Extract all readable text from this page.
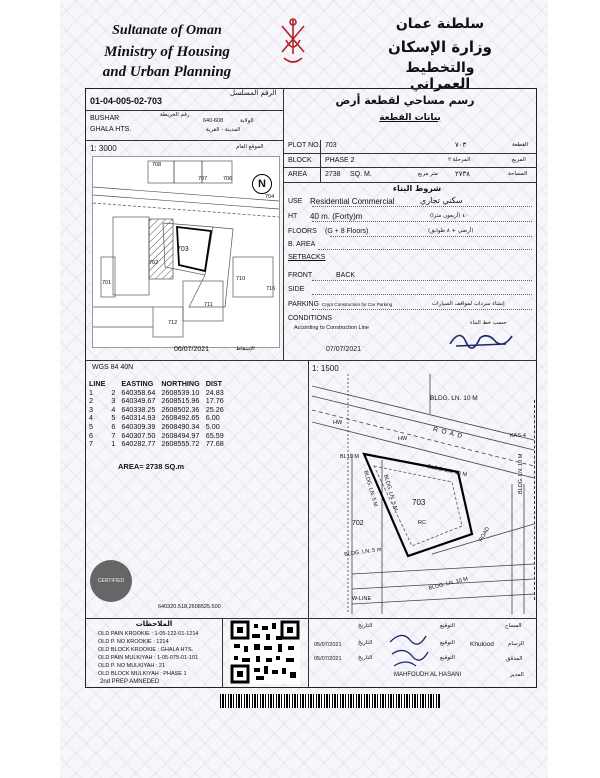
Sultanate of Oman
Ministry of Housing
and Urban Planning
سلطنة عمان
وزارة الإسكان
والتخطيط العمراني
الرقم المسلسل
01-04-005-02-703	رسم مساحي لقطعة أرض
بيانات القطعة
BUSHAR
GHALA HTS.
640-608
رقم الخريطة
الولاية
المدينة - القرية
1: 3000	الموقع العام
708
707	706
704
703
702
701
710
716
711
712
N
06/07/2021	الإسقاط
PLOT NO. 703	٧٠٣	القطعة
BLOCK PHASE 2	المرحلة ٢	المربع
AREA	2738 SQ. M.	متر مربع ٢٧٣٨	المساحة
شروط البناء
USE Residential Commercial	سكني تجاري
HT 40 m. (Forty)m	٤٠ (أربعون مترا)
FLOORS (G + 8 Floors)	(أرضي + ٨ طوابق)
B. AREA
SETBACKS
FRONT	BACK
SIDE
PARKING Crypt Construction for Car Parking	إنشاء سرداب لمواقف السيارات
CONDITIONS
According to Construction Line
حسب خط البناء
07/07/2021
WGS 84 40N	1: 1500
LINE		EASTING	NORTHING	DIST
1	2	640358.64	2608539.10	24.83
2	3	640349.67	2608515.96	17.76
3	4	640338.25	2608502.36	25.26
4	5	640314.93	2608492.65	6.00
5	6	640309.39	2608490.34	5.00
6	7	640307.50	2608494.97	65.59
7	1	640282.77	2608555.72	77.68
AREA= 2738 SQ.m
CERTIFIED
640320.518,2608525.500
BLDG. LN. 10 M
R O A D	KAS-4
HW
HW
BL10 M
BLDG. LN. 10 M
703
RC
702
BLDG. LN. 5 M BLDG. LN. 5 M	BLDG. LN. 10 M
ROAD
BLDG. LN. 5 m
BLDG. LN. 10 M
W-LINE
الملاحظات
OLD PAIN KROOKIE : 1-05-122-01-1214
OLD P. NO KROOKIE : 1214
OLD BLOCK KROOKIE : GHALA HTS.
OLD PAIN MULKIYAH : 1-05-075-01-101
OLD P. NO MULKIYAH : 21
OLD BLOCK MULKIYAH : PHASE 1
2nd PREP AMNEDED
التوقيع
التاريخ	المساح
التوقيع
التاريخ	الرسام
Khulood
05/07/2021
التوقيع
التاريخ	المدقق
05/07/2021
المدير
MAHFOUDH AL HASANI
